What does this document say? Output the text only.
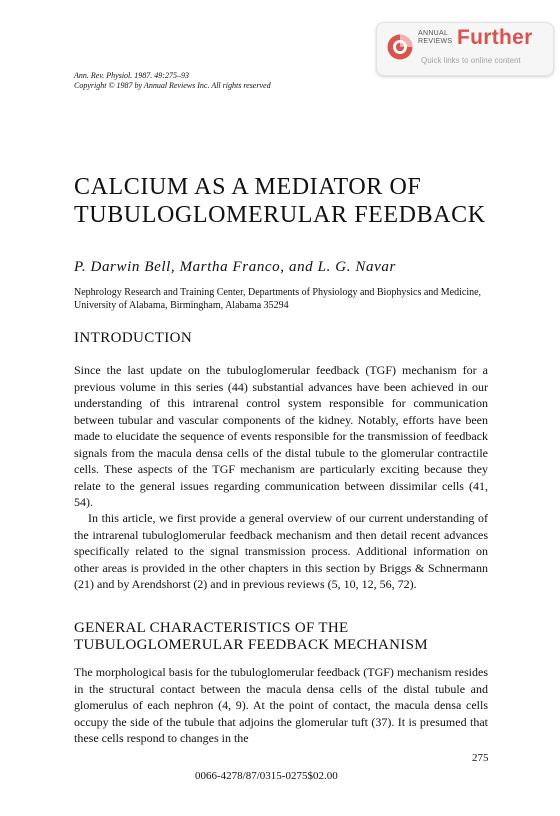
ANNUAL
REVIEWS Further
Quick links to online content
Ann. Rev. Physiol. 1987. 49:275–93
Copyright © 1987 by Annual Reviews Inc. All rights reserved
CALCIUM AS A MEDIATOR OF
TUBULOGLOMERULAR FEEDBACK
P. Darwin Bell, Martha Franco, and L. G. Navar
Nephrology Research and Training Center, Departments of Physiology and Biophysics and Medicine, University of Alabama, Birmingham, Alabama 35294
INTRODUCTION

Since the last update on the tubuloglomerular feedback (TGF) mechanism for a previous volume in this series (44) substantial advances have been achieved in our understanding of this intrarenal control system responsible for communication between tubular and vascular components of the kidney. Notably, efforts have been made to elucidate the sequence of events responsible for the transmission of feedback signals from the macula densa cells of the distal tubule to the glomerular contractile cells. These aspects of the TGF mechanism are particularly exciting because they relate to the general issues regarding communication between dissimilar cells (41, 54).

In this article, we first provide a general overview of our current understanding of the intrarenal tubuloglomerular feedback mechanism and then detail recent advances specifically related to the signal transmission process. Additional information on other areas is provided in the other chapters in this section by Briggs & Schnermann (21) and by Arendshorst (2) and in previous reviews (5, 10, 12, 56, 72).

GENERAL CHARACTERISTICS OF THE
TUBULOGLOMERULAR FEEDBACK MECHANISM

The morphological basis for the tubuloglomerular feedback (TGF) mechanism resides in the structural contact between the macula densa cells of the distal tubule and glomerulus of each nephron (4, 9). At the point of contact, the macula densa cells occupy the side of the tubule that adjoins the glomerular tuft (37). It is presumed that these cells respond to changes in the

275
0066-4278/87/0315-0275$02.00
